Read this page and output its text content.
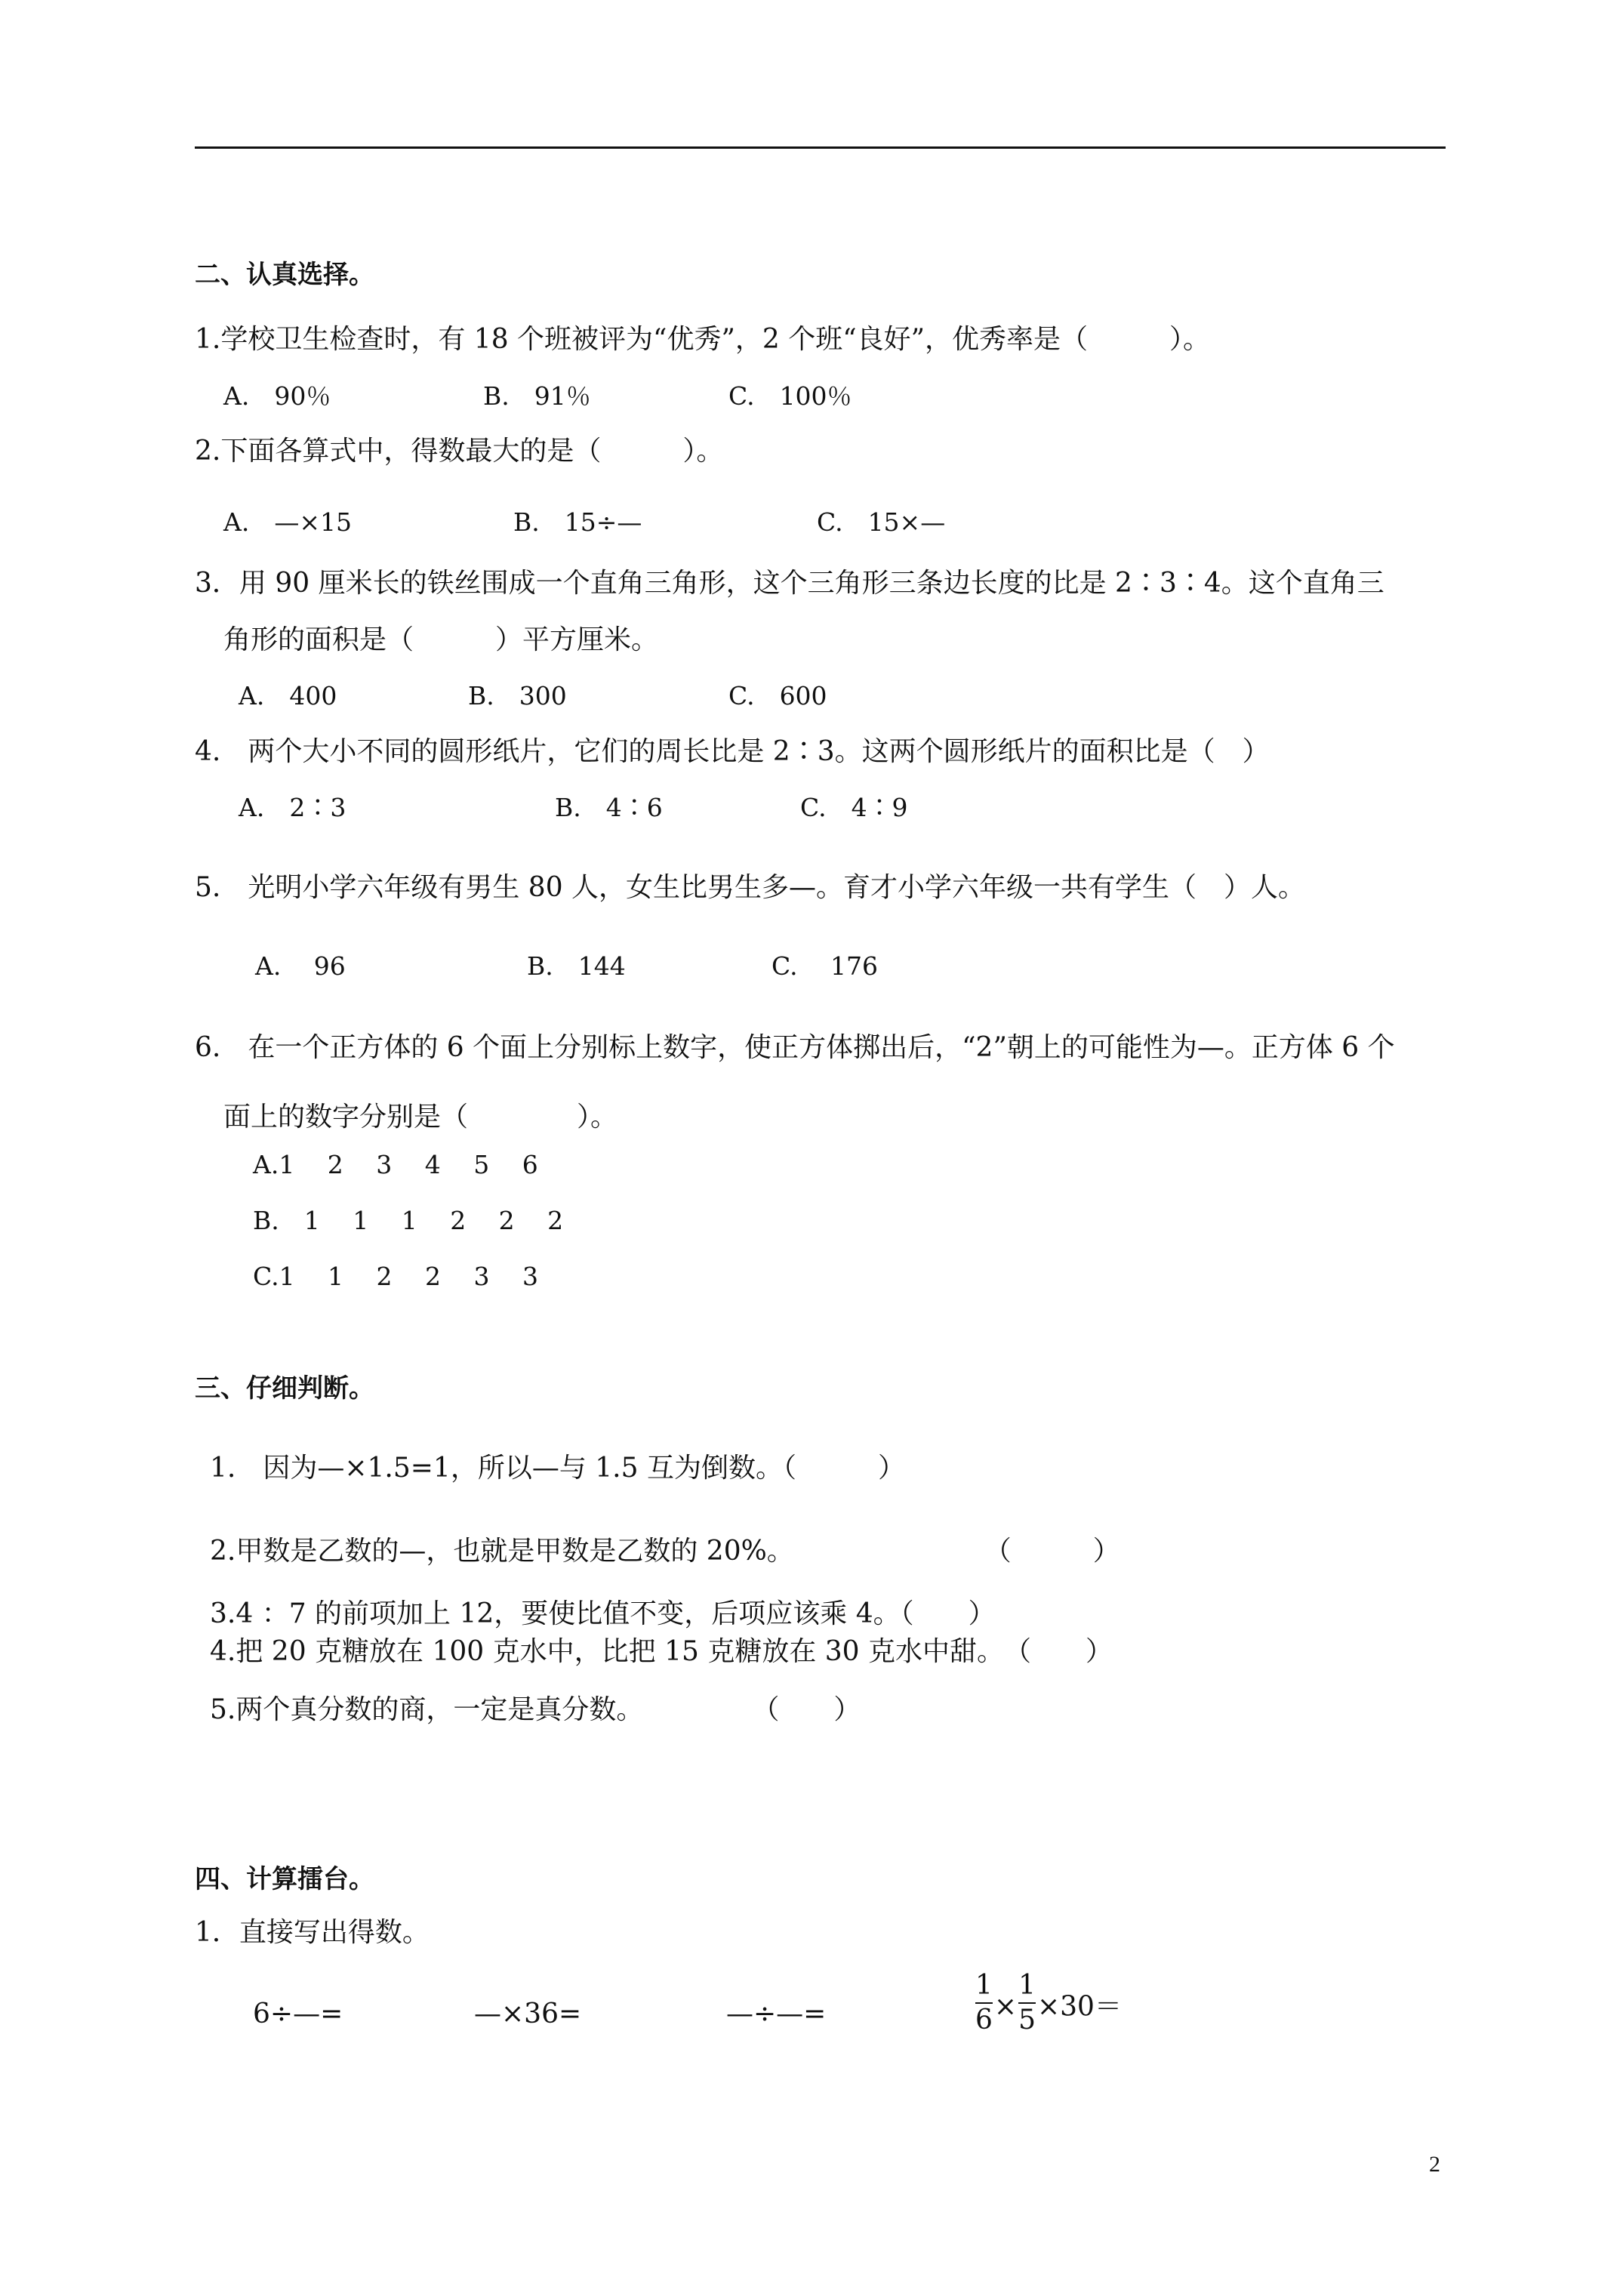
二、认真选择。
1.学校卫生检查时，有 18 个班被评为“优秀”，2 个班“良好”，优秀率是（　　　）。
A.　90％	B.　91％	C.　100％
2.下面各算式中，得数最大的是（　　　）。
A.　—×15	B.　15÷—	C.　15×—
3．用 90 厘米长的铁丝围成一个直角三角形，这个三角形三条边长度的比是 2∶3∶4。这个直角三
角形的面积是（　　　）平方厘米。
A.　400	B.　300	C.　600
4.　两个大小不同的圆形纸片，它们的周长比是 2∶3。这两个圆形纸片的面积比是（　）
A.　2∶3	B.　4∶6	C.　4∶9
5.　光明小学六年级有男生 80 人，女生比男生多—。育才小学六年级一共有学生（　）人。
A.　 96	B.　144	C.　 176
6.　在一个正方体的 6 个面上分别标上数字，使正方体掷出后，“2”朝上的可能性为—。正方体 6 个
面上的数字分别是（　　　　）。
A.1　 2　 3　 4　 5　 6
B.　1　 1　 1　 2　 2　 2
C.1　 1　 2　 2　 3　 3
三、仔细判断。
1.　因为—×1.5=1，所以—与 1.5 互为倒数。（　　　）
2.甲数是乙数的—，也就是甲数是乙数的 20%。　　　　　　　　（　　　）
3.4 ：7 的前项加上 12，要使比值不变，后项应该乘 4。（　　）
4.把 20 克糖放在 100 克水中，比把 15 克糖放在 30 克水中甜。　（　　）
5.两个真分数的商，一定是真分数。　　　　　（　　）
四、计算擂台。
1．直接写出得数。
6÷—=	—×36=	—÷—=	$\frac{1}{6} \times \frac{1}{5} \times 30=$
2
